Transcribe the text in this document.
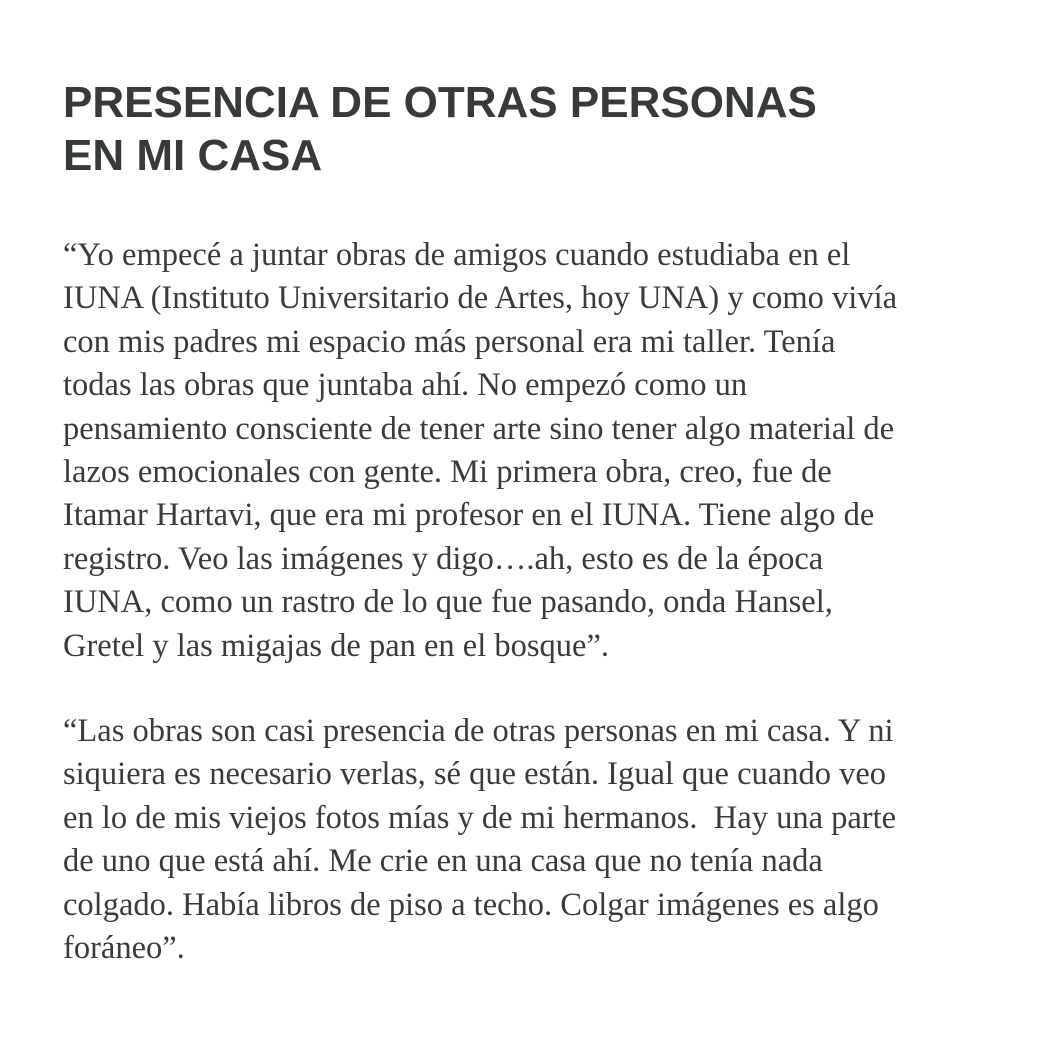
PRESENCIA DE OTRAS PERSONAS
EN MI CASA

“Yo empecé a juntar obras de amigos cuando estudiaba en el
IUNA (Instituto Universitario de Artes, hoy UNA) y como vivía
con mis padres mi espacio más personal era mi taller. Tenía
todas las obras que juntaba ahí. No empezó como un
pensamiento consciente de tener arte sino tener algo material de
lazos emocionales con gente. Mi primera obra, creo, fue de
Itamar Hartavi, que era mi profesor en el IUNA. Tiene algo de
registro. Veo las imágenes y digo….ah, esto es de la época
IUNA, como un rastro de lo que fue pasando, onda Hansel,
Gretel y las migajas de pan en el bosque”.

“Las obras son casi presencia de otras personas en mi casa. Y ni
siquiera es necesario verlas, sé que están. Igual que cuando veo
en lo de mis viejos fotos mías y de mi hermanos.  Hay una parte
de uno que está ahí. Me crie en una casa que no tenía nada
colgado. Había libros de piso a techo. Colgar imágenes es algo
foráneo”.
